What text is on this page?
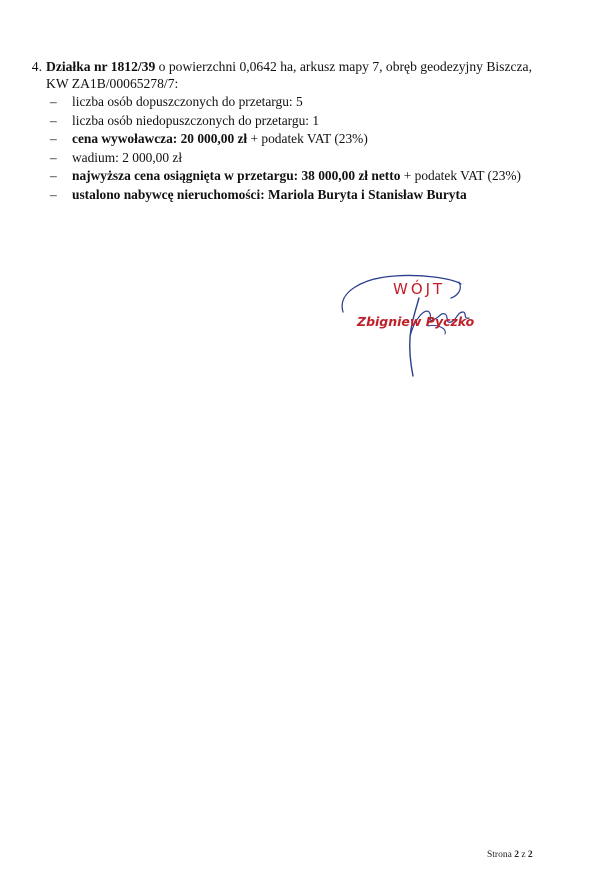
4. Działka nr 1812/39 o powierzchni 0,0642 ha, arkusz mapy 7, obręb geodezyjny Biszcza,
KW ZA1B/00065278/7:
–	liczba osób dopuszczonych do przetargu: 5
–	liczba osób niedopuszczonych do przetargu: 1
–	cena wywoławcza: 20 000,00 zł + podatek VAT (23%)
–	wadium: 2 000,00 zł
–	najwyższa cena osiągnięta w przetargu: 38 000,00 zł netto + podatek VAT (23%)
–	ustalono nabywcę nieruchomości: Mariola Buryta i Stanisław Buryta
WÓJT
Zbigniew Pyczko
Strona 2 z 2
